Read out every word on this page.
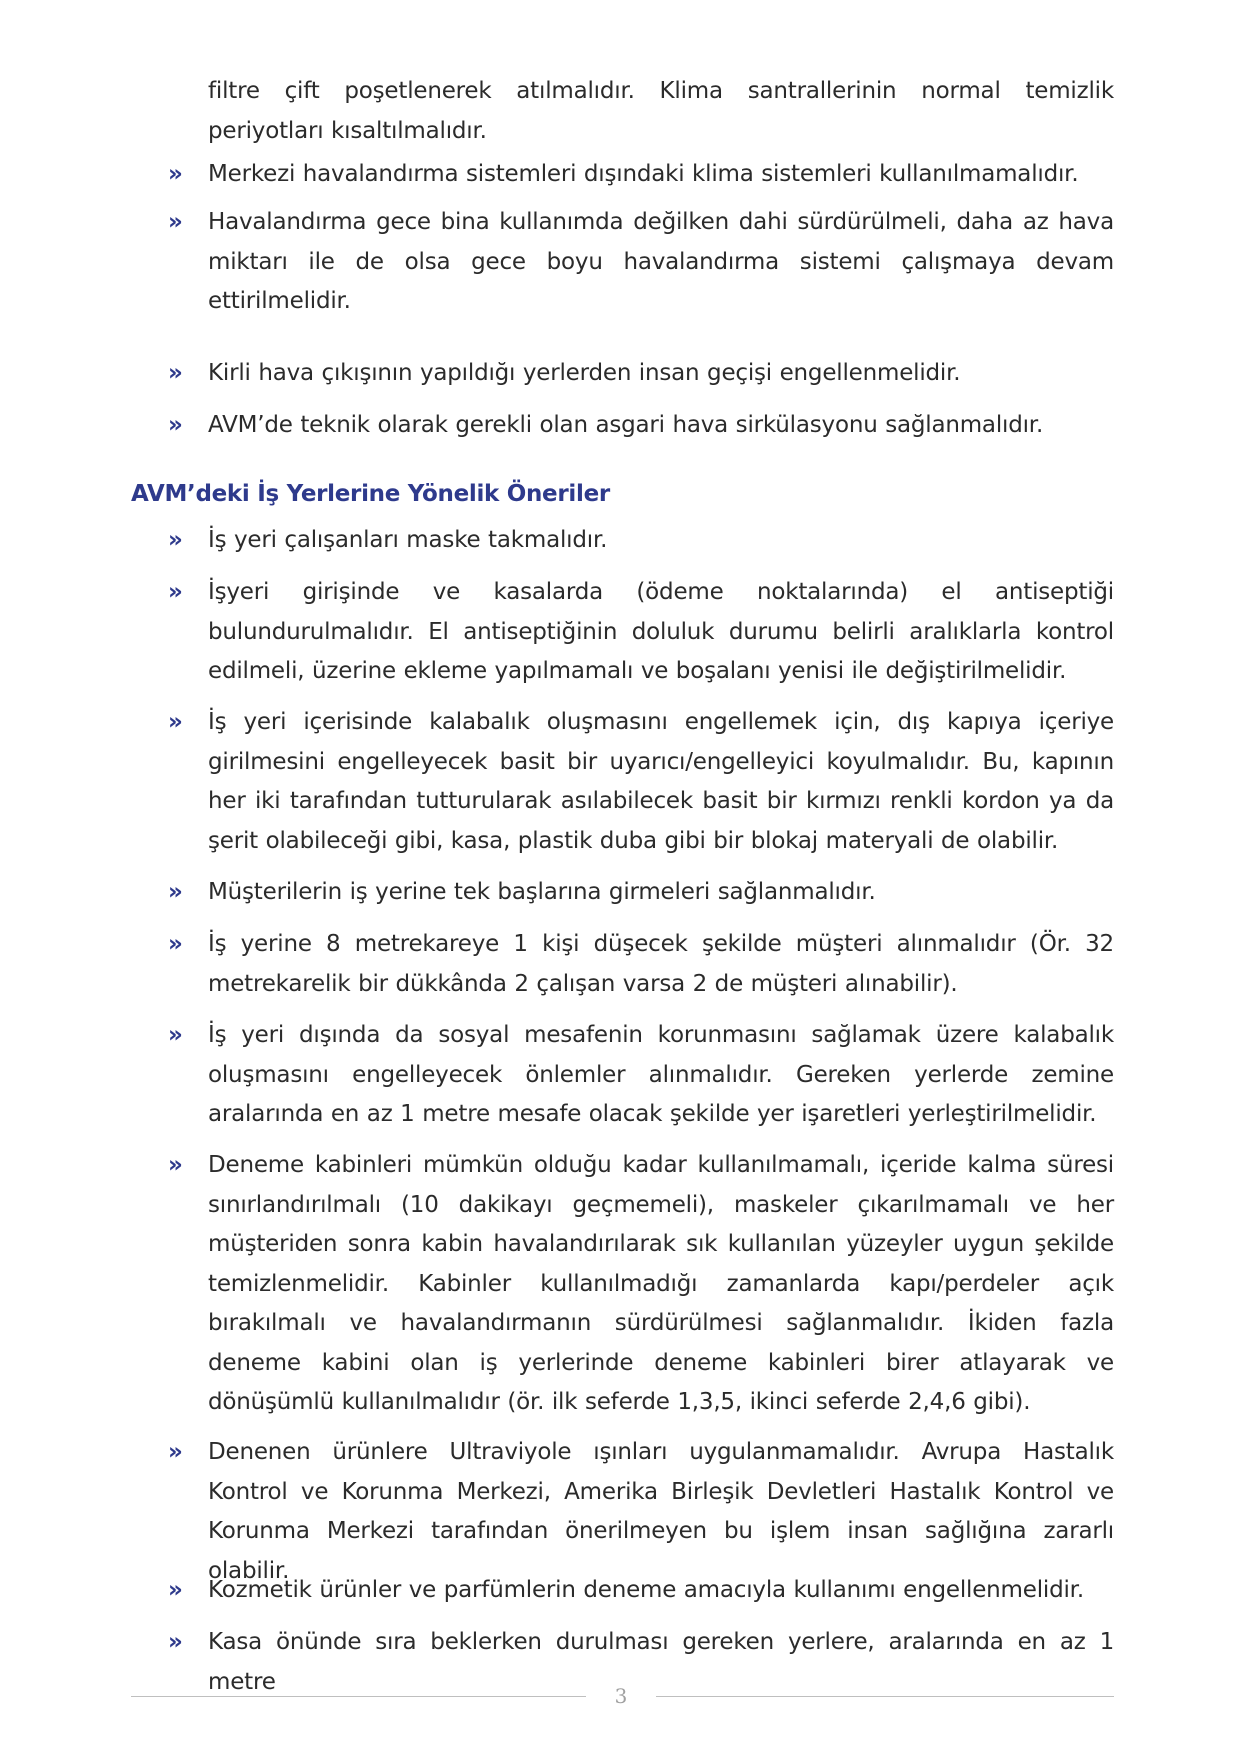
filtre çift poşetlenerek atılmalıdır. Klima santrallerinin normal temizlik periyotları kısaltılmalıdır.
» Merkezi havalandırma sistemleri dışındaki klima sistemleri kullanılmamalıdır.
» Havalandırma gece bina kullanımda değilken dahi sürdürülmeli, daha az hava miktarı ile de olsa gece boyu havalandırma sistemi çalışmaya devam ettirilmelidir.
» Kirli hava çıkışının yapıldığı yerlerden insan geçişi engellenmelidir.
» AVM’de teknik olarak gerekli olan asgari hava sirkülasyonu sağlanmalıdır.
AVM’deki İş Yerlerine Yönelik Öneriler
» İş yeri çalışanları maske takmalıdır.
» İşyeri girişinde ve kasalarda (ödeme noktalarında) el antiseptiği bulundurulmalıdır. El antiseptiğinin doluluk durumu belirli aralıklarla kontrol edilmeli, üzerine ekleme yapılmamalı ve boşalanı yenisi ile değiştirilmelidir.
» İş yeri içerisinde kalabalık oluşmasını engellemek için, dış kapıya içeriye girilmesini engelleyecek basit bir uyarıcı/engelleyici koyulmalıdır. Bu, kapının her iki tarafından tutturularak asılabilecek basit bir kırmızı renkli kordon ya da şerit olabileceği gibi, kasa, plastik duba gibi bir blokaj materyali de olabilir.
» Müşterilerin iş yerine tek başlarına girmeleri sağlanmalıdır.
» İş yerine 8 metrekareye 1 kişi düşecek şekilde müşteri alınmalıdır (Ör. 32 metrekarelik bir dükkânda 2 çalışan varsa 2 de müşteri alınabilir).
» İş yeri dışında da sosyal mesafenin korunmasını sağlamak üzere kalabalık oluşmasını engelleyecek önlemler alınmalıdır. Gereken yerlerde zemine aralarında en az 1 metre mesafe olacak şekilde yer işaretleri yerleştirilmelidir.
» Deneme kabinleri mümkün olduğu kadar kullanılmamalı, içeride kalma süresi sınırlandırılmalı (10 dakikayı geçmemeli), maskeler çıkarılmamalı ve her müşteriden sonra kabin havalandırılarak sık kullanılan yüzeyler uygun şekilde temizlenmelidir. Kabinler kullanılmadığı zamanlarda kapı/perdeler açık bırakılmalı ve havalandırmanın sürdürülmesi sağlanmalıdır. İkiden fazla deneme kabini olan iş yerlerinde deneme kabinleri birer atlayarak ve dönüşümlü kullanılmalıdır (ör. ilk seferde 1,3,5, ikinci seferde 2,4,6 gibi).
» Denenen ürünlere Ultraviyole ışınları uygulanmamalıdır. Avrupa Hastalık Kontrol ve Korunma Merkezi, Amerika Birleşik Devletleri Hastalık Kontrol ve Korunma Merkezi tarafından önerilmeyen bu işlem insan sağlığına zararlı olabilir.
» Kozmetik ürünler ve parfümlerin deneme amacıyla kullanımı engellenmelidir.
» Kasa önünde sıra beklerken durulması gereken yerlere, aralarında en az 1 metre
3
